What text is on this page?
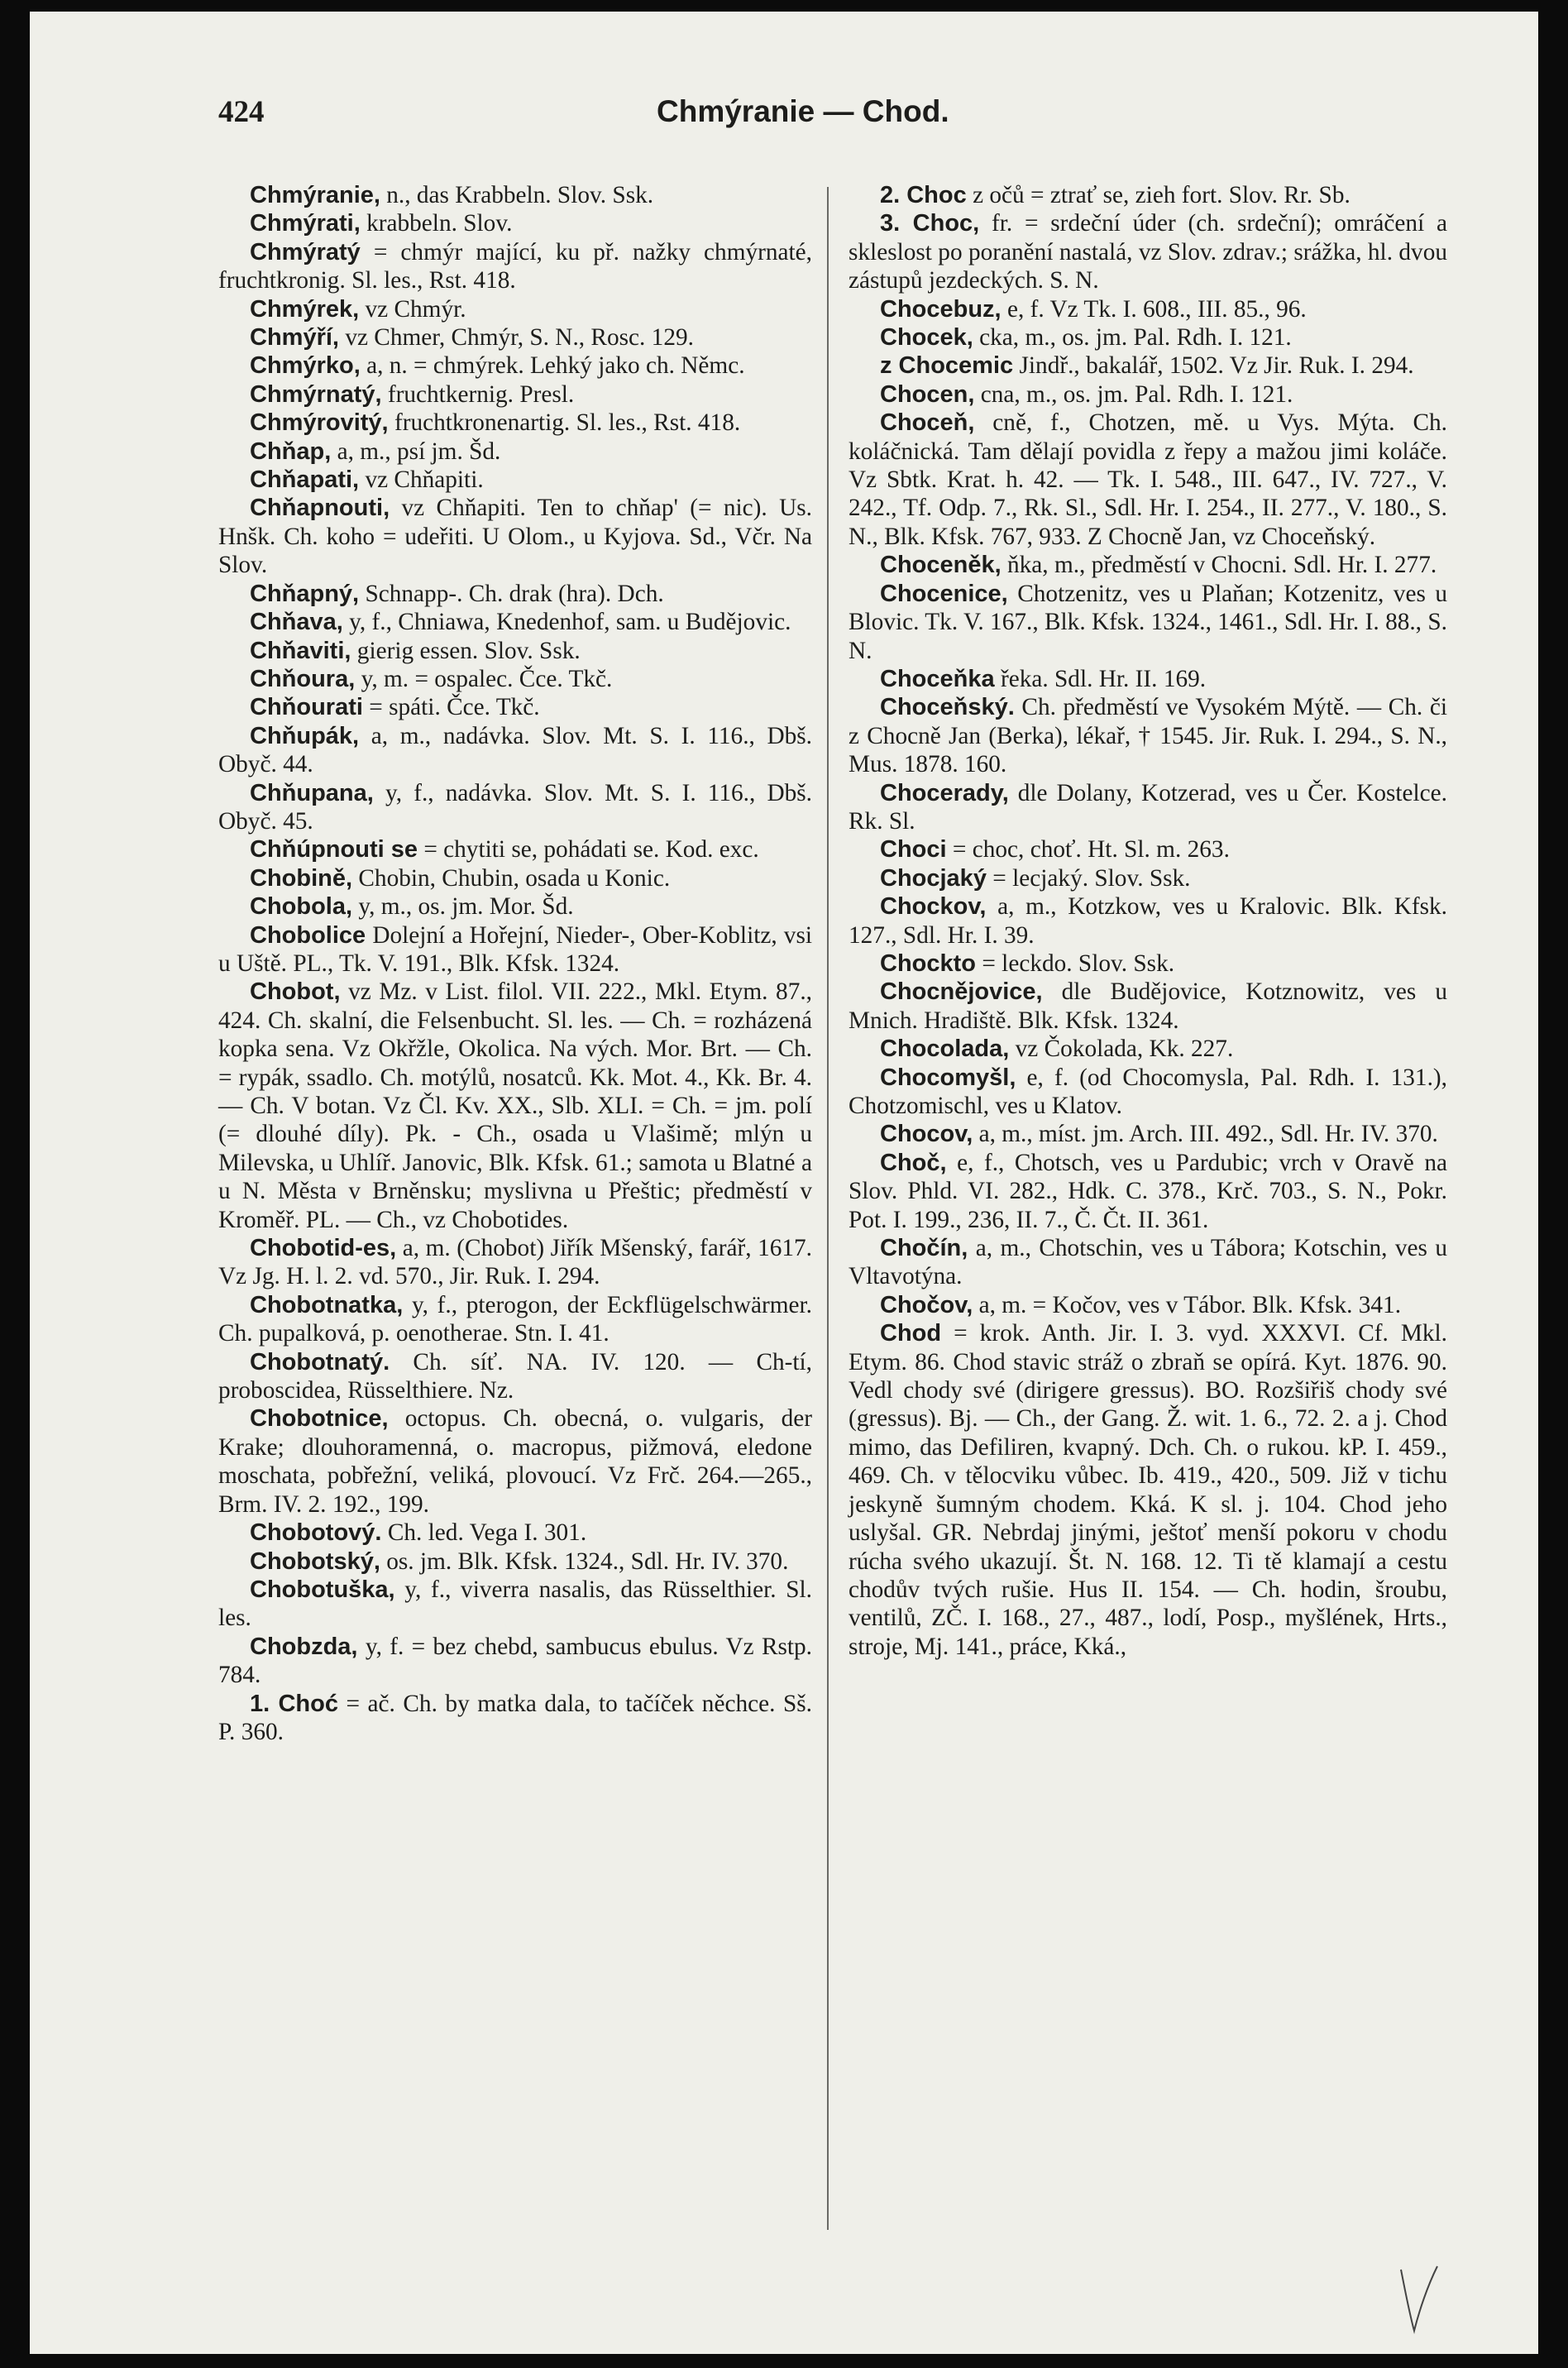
424	Chmýranie — Chod.

Chmýranie, n., das Krabbeln. Slov. Ssk.

Chmýrati, krabbeln. Slov.

Chmýratý = chmýr mající, ku př. nažky chmýrnaté, fruchtkronig. Sl. les., Rst. 418.

Chmýrek, vz Chmýr.

Chmýří, vz Chmer, Chmýr, S. N., Rosc. 129.

Chmýrko, a, n. = chmýrek. Lehký jako ch. Němc.

Chmýrnatý, fruchtkernig. Presl.

Chmýrovitý, fruchtkronenartig. Sl. les., Rst. 418.

Chňap, a, m., psí jm. Šd.

Chňapati, vz Chňapiti.

Chňapnouti, vz Chňapiti. Ten to chňap' (= nic). Us. Hnšk. Ch. koho = udeřiti. U Olom., u Kyjova. Sd., Včr. Na Slov.

Chňapný, Schnapp-. Ch. drak (hra). Dch.

Chňava, y, f., Chniawa, Knedenhof, sam. u Budějovic.

Chňaviti, gierig essen. Slov. Ssk.

Chňoura, y, m. = ospalec. Čce. Tkč.

Chňourati = spáti. Čce. Tkč.

Chňupák, a, m., nadávka. Slov. Mt. S. I. 116., Dbš. Obyč. 44.

Chňupana, y, f., nadávka. Slov. Mt. S. I. 116., Dbš. Obyč. 45.

Chňúpnouti se = chytiti se, pohádati se. Kod. exc.

Chobině, Chobin, Chubin, osada u Konic.

Chobola, y, m., os. jm. Mor. Šd.

Chobolice Dolejní a Hořejní, Nieder-, Ober-Koblitz, vsi u Uště. PL., Tk. V. 191., Blk. Kfsk. 1324.

Chobot, vz Mz. v List. filol. VII. 222., Mkl. Etym. 87., 424. Ch. skalní, die Felsenbucht. Sl. les. — Ch. = rozházená kopka sena. Vz Okřžle, Okolica. Na vých. Mor. Brt. — Ch. = rypák, ssadlo. Ch. motýlů, nosatců. Kk. Mot. 4., Kk. Br. 4. — Ch. V botan. Vz Čl. Kv. XX., Slb. XLI. = Ch. = jm. polí (= dlouhé díly). Pk. - Ch., osada u Vlašimě; mlýn u Milevska, u Uhlíř. Janovic, Blk. Kfsk. 61.; samota u Blatné a u N. Města v Brněnsku; myslivna u Přeštic; předměstí v Kroměř. PL. — Ch., vz Chobotides.

Chobotid-es, a, m. (Chobot) Jiřík Mšenský, farář, 1617. Vz Jg. H. l. 2. vd. 570., Jir. Ruk. I. 294.

Chobotnatka, y, f., pterogon, der Eckflügelschwärmer. Ch. pupalková, p. oenotherae. Stn. I. 41.

Chobotnatý. Ch. síť. NA. IV. 120. — Ch-tí, proboscidea, Rüsselthiere. Nz.

Chobotnice, octopus. Ch. obecná, o. vulgaris, der Krake; dlouhoramenná, o. macropus, pižmová, eledone moschata, pobřežní, veliká, plovoucí. Vz Frč. 264.—265., Brm. IV. 2. 192., 199.

Chobotový. Ch. led. Vega I. 301.

Chobotský, os. jm. Blk. Kfsk. 1324., Sdl. Hr. IV. 370.

Chobotuška, y, f., viverra nasalis, das Rüsselthier. Sl. les.

Chobzda, y, f. = bez chebd, sambucus ebulus. Vz Rstp. 784.

1. Choć = ač. Ch. by matka dala, to tačíček něchce. Sš. P. 360.

2. Choc z očů = ztrať se, zieh fort. Slov. Rr. Sb.

3. Choc, fr. = srdeční úder (ch. srdeční); omráčení a skleslost po poranění nastalá, vz Slov. zdrav.; srážka, hl. dvou zástupů jezdeckých. S. N.

Chocebuz, e, f. Vz Tk. I. 608., III. 85., 96.

Chocek, cka, m., os. jm. Pal. Rdh. I. 121.

z Chocemic Jindř., bakalář, 1502. Vz Jir. Ruk. I. 294.

Chocen, cna, m., os. jm. Pal. Rdh. I. 121.

Choceň, cně, f., Chotzen, mě. u Vys. Mýta. Ch. koláčnická. Tam dělají povidla z řepy a mažou jimi koláče. Vz Sbtk. Krat. h. 42. — Tk. I. 548., III. 647., IV. 727., V. 242., Tf. Odp. 7., Rk. Sl., Sdl. Hr. I. 254., II. 277., V. 180., S. N., Blk. Kfsk. 767, 933. Z Chocně Jan, vz Choceňský.

Choceněk, ňka, m., předměstí v Chocni. Sdl. Hr. I. 277.

Chocenice, Chotzenitz, ves u Plaňan; Kotzenitz, ves u Blovic. Tk. V. 167., Blk. Kfsk. 1324., 1461., Sdl. Hr. I. 88., S. N.

Choceňka řeka. Sdl. Hr. II. 169.

Choceňský. Ch. předměstí ve Vysokém Mýtě. — Ch. či z Chocně Jan (Berka), lékař, † 1545. Jir. Ruk. I. 294., S. N., Mus. 1878. 160.

Chocerady, dle Dolany, Kotzerad, ves u Čer. Kostelce. Rk. Sl.

Choci = choc, choť. Ht. Sl. m. 263.

Chocjaký = lecjaký. Slov. Ssk.

Chockov, a, m., Kotzkow, ves u Kralovic. Blk. Kfsk. 127., Sdl. Hr. I. 39.

Chockto = leckdo. Slov. Ssk.

Chocnějovice, dle Budějovice, Kotznowitz, ves u Mnich. Hradiště. Blk. Kfsk. 1324.

Chocolada, vz Čokolada, Kk. 227.

Chocomyšl, e, f. (od Chocomysla, Pal. Rdh. I. 131.), Chotzomischl, ves u Klatov.

Chocov, a, m., míst. jm. Arch. III. 492., Sdl. Hr. IV. 370.

Choč, e, f., Chotsch, ves u Pardubic; vrch v Oravě na Slov. Phld. VI. 282., Hdk. C. 378., Krč. 703., S. N., Pokr. Pot. I. 199., 236, II. 7., Č. Čt. II. 361.

Chočín, a, m., Chotschin, ves u Tábora; Kotschin, ves u Vltavotýna.

Chočov, a, m. = Kočov, ves v Tábor. Blk. Kfsk. 341.

Chod = krok. Anth. Jir. I. 3. vyd. XXXVI. Cf. Mkl. Etym. 86. Chod stavic stráž o zbraň se opírá. Kyt. 1876. 90. Vedl chody své (dirigere gressus). BO. Rozšiřiš chody své (gressus). Bj. — Ch., der Gang. Ž. wit. 1. 6., 72. 2. a j. Chod mimo, das Defiliren, kvapný. Dch. Ch. o rukou. kP. I. 459., 469. Ch. v tělocviku vůbec. Ib. 419., 420., 509. Již v tichu jeskyně šumným chodem. Kká. K sl. j. 104. Chod jeho uslyšal. GR. Nebrdaj jinými, ještoť menší pokoru v chodu rúcha svého ukazují. Št. N. 168. 12. Ti tě klamají a cestu chodův tvých rušie. Hus II. 154. — Ch. hodin, šroubu, ventilů, ZČ. I. 168., 27., 487., lodí, Posp., myšlének, Hrts., stroje, Mj. 141., práce, Kká.,
